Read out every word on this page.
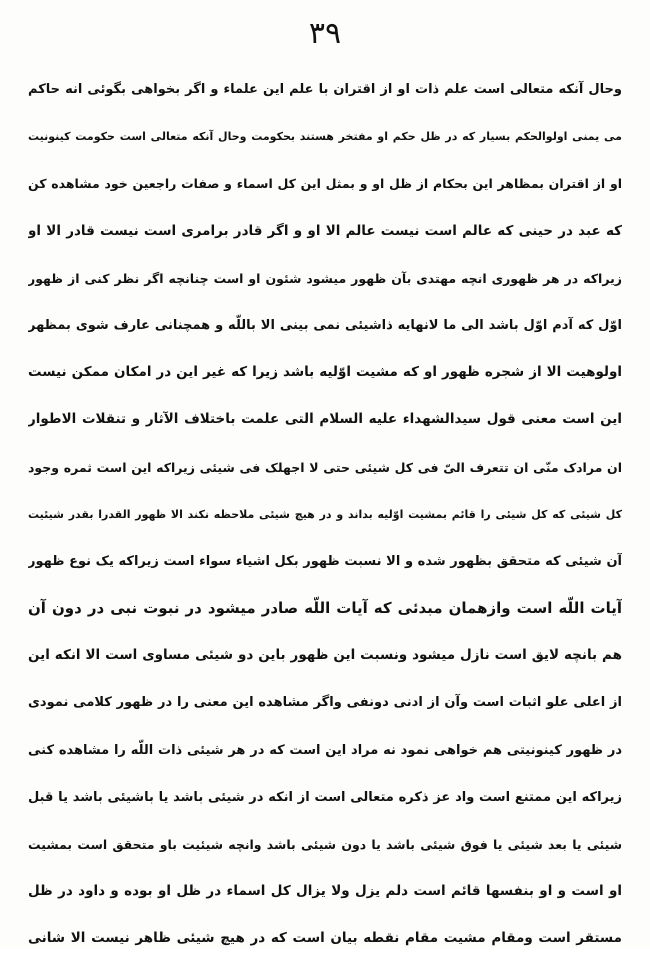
٣٩
وحال آنکه متعالی است علم ذات او از اقتران با علم این علماء و اگر بخواهی بگوئی انه حاکم
می یمنی اولوالحکم بسیار که در ظل حکم او مفتخر هستند بحکومت وحال آنکه متعالی است حکومت کینونیت
او از اقتران بمظاهر این بحکام از ظل او و بمثل این کل اسماء و صفات راجعین خود مشاهده کن
که عبد در حینی که عالم است نیست عالم الا او و اگر قادر برامری است نیست قادر الا او
زیراکه در هر ظهوری انچه مهتدی بآن ظهور میشود شئون او است چنانچه اگر نظر کنی از ظهور
اوّل که آدم اوّل باشد الی ما لانهایه ذاشیئی نمی بینی الا باللّه و همچنانی عارف شوی بمظهر
اولوهیت الا از شجره ظهور او که مشیت اوّلیه باشد زیرا که غیر این در امکان ممکن نیست
این است معنی قول سیدالشهداء علیه السلام التی علمت باختلاف الآثار و تنقلات الاطوار
ان مرادک منّی ان تتعرف الیّ فی کل شیئی حتی لا اجهلک فی شیئی زیراکه این است ثمره وجود
کل شیئی که کل شیئی را قائم بمشیت اوّلیه بداند و در هیچ شیئی ملاحظه نکند الا ظهور القدرا بقدر شیئیت
آن شیئی که متحقق بظهور شده و الا نسبت ظهور بکل اشیاء سواء است زیراکه یک نوع ظهور
آیات اللّه است وازهمان مبدئی که آیات اللّه صادر میشود در نبوت نبی در دون آن
هم بانچه لایق است نازل میشود ونسبت این ظهور باین دو شیئی مساوی است الا انکه این
از اعلی علو اثبات است وآن از ادنی دونفی واگر مشاهده این معنی را در ظهور کلامی نمودی
در ظهور کینونیتی هم خواهی نمود نه مراد این است که در هر شیئی ذات اللّه را مشاهده کنی
زیراکه این ممتنع است واد عز ذکره متعالی است از انکه در شیئی باشد یا باشیئی باشد یا قبل
شیئی یا بعد شیئی یا فوق شیئی باشد یا دون شیئی باشد وانچه شیئیت باو متحقق است بمشیت
او است و او بنفسها قائم است دلم یزل ولا یزال کل اسماء در ظل او بوده و داود در ظل
مستقر است ومقام مشیت مقام نقطه بیان است که در هیچ شیئی ظاهر نیست الا شانی
